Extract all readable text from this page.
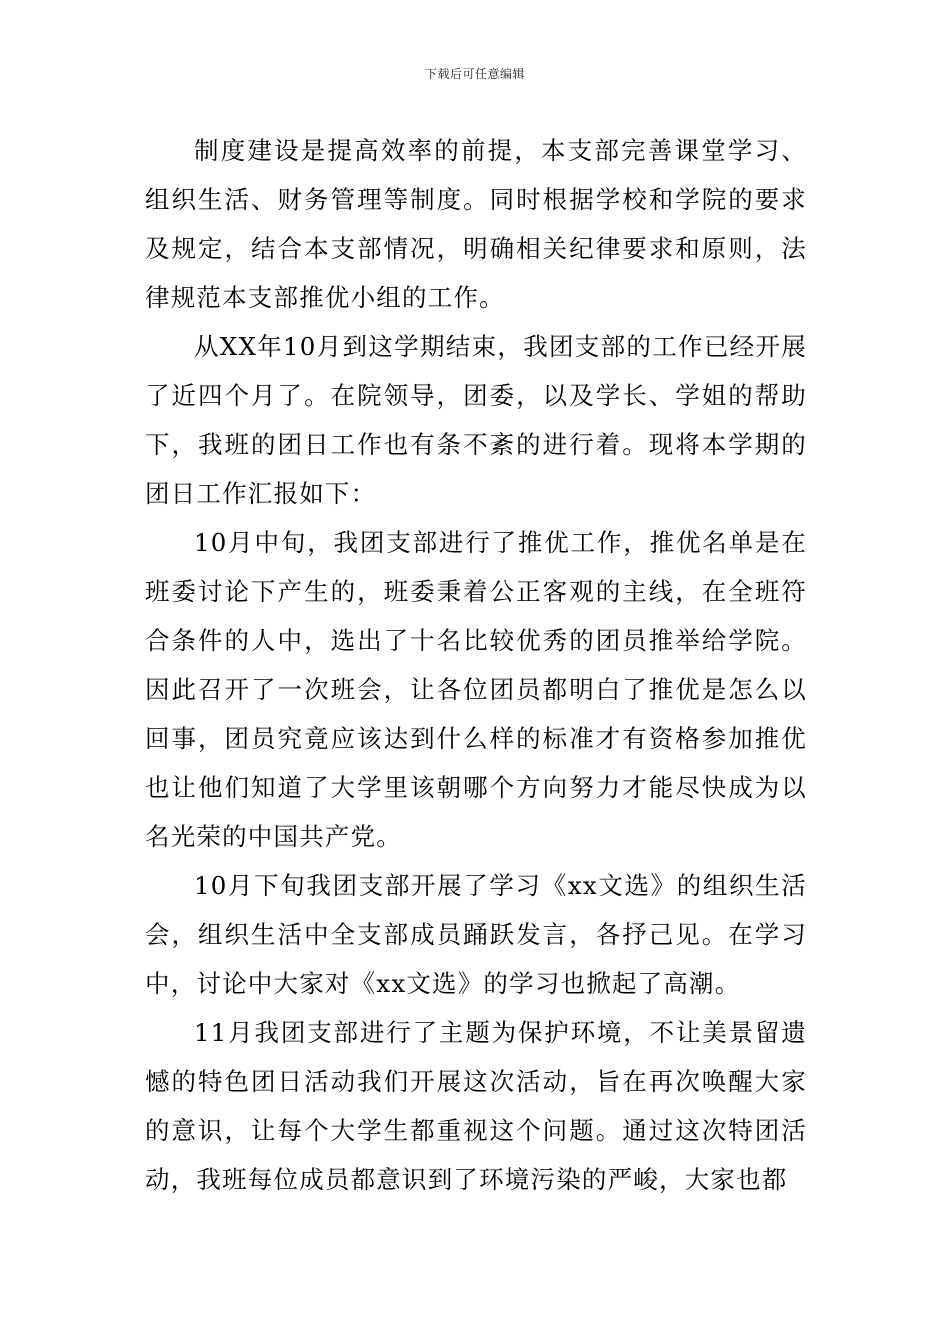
下载后可任意编辑

制度建设是提高效率的前提，本支部完善课堂学习、组织生活、财务管理等制度。同时根据学校和学院的要求及规定，结合本支部情况，明确相关纪律要求和原则，法律规范本支部推优小组的工作。

从XX年10月到这学期结束，我团支部的工作已经开展了近四个月了。在院领导，团委，以及学长、学姐的帮助下，我班的团日工作也有条不紊的进行着。现将本学期的团日工作汇报如下：

10月中旬，我团支部进行了推优工作，推优名单是在班委讨论下产生的，班委秉着公正客观的主线，在全班符合条件的人中，选出了十名比较优秀的团员推举给学院。因此召开了一次班会，让各位团员都明白了推优是怎么以回事，团员究竟应该达到什么样的标准才有资格参加推优也让他们知道了大学里该朝哪个方向努力才能尽快成为以名光荣的中国共产党。

10月下旬我团支部开展了学习《xx文选》的组织生活会，组织生活中全支部成员踊跃发言，各抒己见。在学习中，讨论中大家对《xx文选》的学习也掀起了高潮。

11月我团支部进行了主题为保护环境，不让美景留遗憾的特色团日活动我们开展这次活动，旨在再次唤醒大家的意识，让每个大学生都重视这个问题。通过这次特团活动，我班每位成员都意识到了环境污染的严峻，大家也都
